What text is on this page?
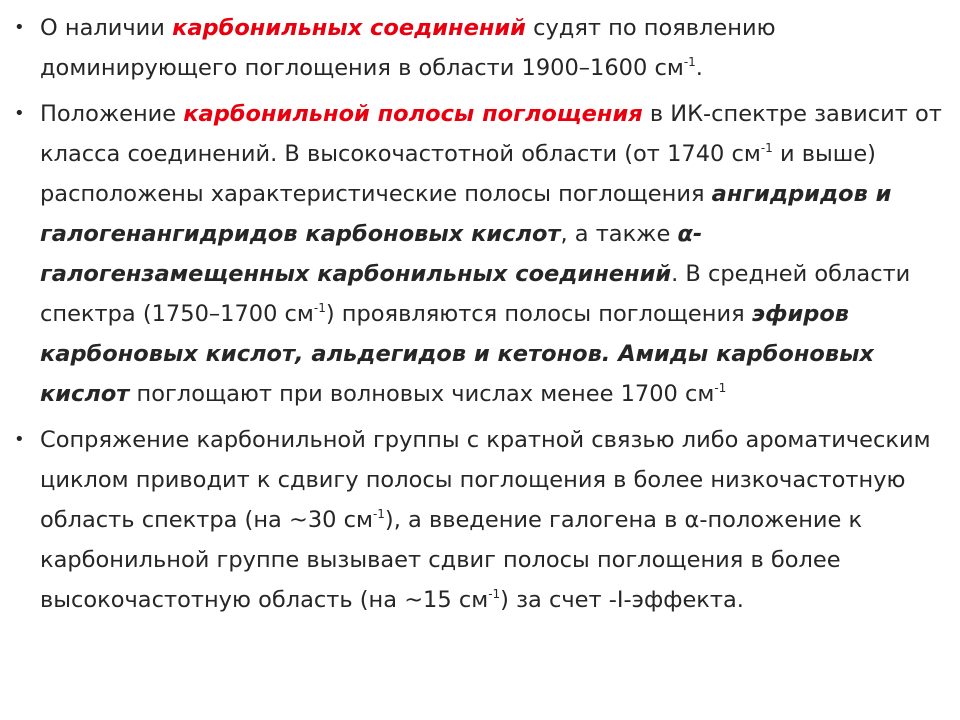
• О наличии карбонильных соединений судят по появлению доминирующего поглощения в области 1900–1600 $см^{-1}$.
• Положение карбонильной полосы поглощения в ИК-спектре зависит от класса соединений. В высокочастотной области (от 1740 $см^{-1}$ и выше) расположены характеристические полосы поглощения ангидридов и галогенангидридов карбоновых кислот, а также α-галогензамещенных карбонильных соединений. В средней области спектра (1750–1700 $см^{-1}$) проявляются полосы поглощения эфиров карбоновых кислот, альдегидов и кетонов. Амиды карбоновых кислот поглощают при волновых числах менее 1700 $см^{-1}$
• Сопряжение карбонильной группы с кратной связью либо ароматическим циклом приводит к сдвигу полосы поглощения в более низкочастотную область спектра (на ~30 $см^{-1}$), а введение галогена в α-положение к карбонильной группе вызывает сдвиг полосы поглощения в более высокочастотную область (на ~15 $см^{-1}$) за счет -I-эффекта.
